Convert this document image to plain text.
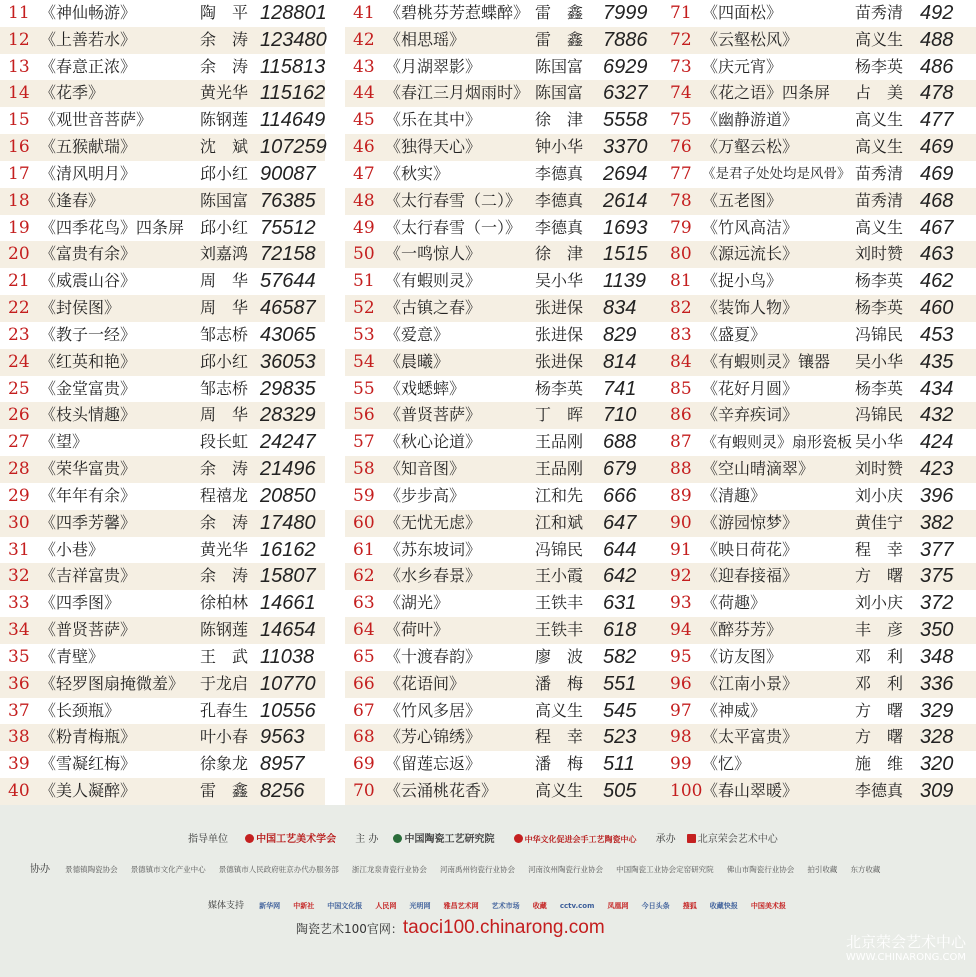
11 《神仙畅游》	陶　平 128801
12 《上善若水》	余　涛 123480
13 《春意正浓》	余　涛 115813
14 《花季》	黄光华 115162
15 《观世音菩萨》	陈钢莲 114649
16 《五猴献瑞》	沈　斌 107259
17 《清风明月》	邱小红 90087
18 《逢春》	陈国富 76385
19 《四季花鸟》四条屏 邱小红 75512
20 《富贵有余》	刘嘉鸿 72158
21 《威震山谷》	周　华 57644
22 《封侯图》	周　华 46587
23 《教子一经》	邹志桥 43065
24 《红英和艳》	邱小红 36053
25 《金堂富贵》	邹志桥 29835
26 《枝头情趣》	周　华 28329
27 《望》	段长虹 24247
28 《荣华富贵》	余　涛 21496
29 《年年有余》	程禧龙 20850
30 《四季芳馨》	余　涛 17480
31 《小巷》	黄光华 16162
32 《吉祥富贵》	余　涛 15807
33 《四季图》	徐柏林 14661
34 《普贤菩萨》	陈钢莲 14654
35 《青壁》	王　武 11038
36 《轻罗图扇掩微羞》 于龙启 10770
37 《长颈瓶》	孔春生 10556
38 《粉青梅瓶》	叶小春 9563
39 《雪凝红梅》	徐象龙 8957
40 《美人凝醉》	雷　鑫 8256
41 《碧桃芬芳惹蝶醉》 雷　鑫 7999
42 《相思瑶》	雷　鑫 7886
43 《月湖翠影》	陈国富 6929
44 《春江三月烟雨时》 陈国富 6327
45 《乐在其中》	徐　津 5558
46 《独得天心》	钟小华 3370
47 《秋实》	李德真 2694
48 《太行春雪（二）》 李德真 2614
49 《太行春雪（一）》 李德真 1693
50 《一鸣惊人》	徐　津 1515
51 《有蝦则灵》	吴小华 1139
52 《古镇之春》	张进保 834
53 《爱意》	张进保 829
54 《晨曦》	张进保 814
55 《戏蟋蟀》	杨李英 741
56 《普贤菩萨》	丁　晖 710
57 《秋心论道》	王品刚 688
58 《知音图》	王品刚 679
59 《步步高》	江和先 666
60 《无忧无虑》	江和斌 647
61 《苏东坡词》	冯锦民 644
62 《水乡春景》	王小霞 642
63 《湖光》	王铁丰 631
64 《荷叶》	王铁丰 618
65 《十渡春韵》	廖　波 582
66 《花语间》	潘　梅 551
67 《竹风多居》	高义生 545
68 《芳心锦绣》	程　幸 523
69 《留莲忘返》	潘　梅 511
70 《云涌桃花香》 高义生 505
71 《四面松》	苗秀清 492
72 《云壑松风》	高义生 488
73 《庆元宵》	杨李英 486
74 《花之语》四条屏 占　美 478
75 《幽静游道》	高义生 477
76 《万壑云松》	高义生 469
77 《是君子处处均是风骨》 苗秀清 469
78 《五老图》	苗秀清 468
79 《竹风高洁》	高义生 467
80 《源远流长》	刘时赞 463
81 《捉小鸟》	杨李英 462
82 《装饰人物》	杨李英 460
83 《盛夏》	冯锦民 453
84 《有蝦则灵》镶器 吴小华 435
85 《花好月圆》	杨李英 434
86 《辛弃疾词》	冯锦民 432
87 《有蝦则灵》扇形瓷板 吴小华 424
88 《空山晴滴翠》	刘时赞 423
89 《清趣》	刘小庆 396
90 《游园惊梦》	黄佳宁 382
91 《映日荷花》	程　幸 377
92 《迎春接福》	方　曙 375
93 《荷趣》	刘小庆 372
94 《醉芬芳》	丰　彦 350
95 《访友图》	邓　利 348
96 《江南小景》	邓　利 336
97 《神威》	方　曙 329
98 《太平富贵》	方　曙 328
99 《忆》	施　维 320
100 《春山翠暖》	李德真 309
指导单位	中国工艺美术学会 主 办	中国陶瓷工艺研究院	中华文化促进会手工艺陶瓷中心 承办 北京荣会艺术中心
协办 景德镇陶瓷协会 景德镇市文化产业中心 景德镇市人民政府驻京办代办服务部 浙江龙泉青瓷行业协会 河南禹州钧瓷行业协会 河南汝州陶瓷行业协会 中国陶瓷工业协会定窑研究院 佛山市陶瓷行业协会 拍引收藏 东方收藏
媒体支持 新华网 中新社 中国文化报 人民网 光明网 雅昌艺术网 艺术市场 收藏 cctv.com 凤凰网 今日头条 搜狐 收藏快报 中国美术报
陶瓷艺术100官网：taoci100.chinarong.com
北京荣会艺术中心
WWW.CHINARONG.COM
